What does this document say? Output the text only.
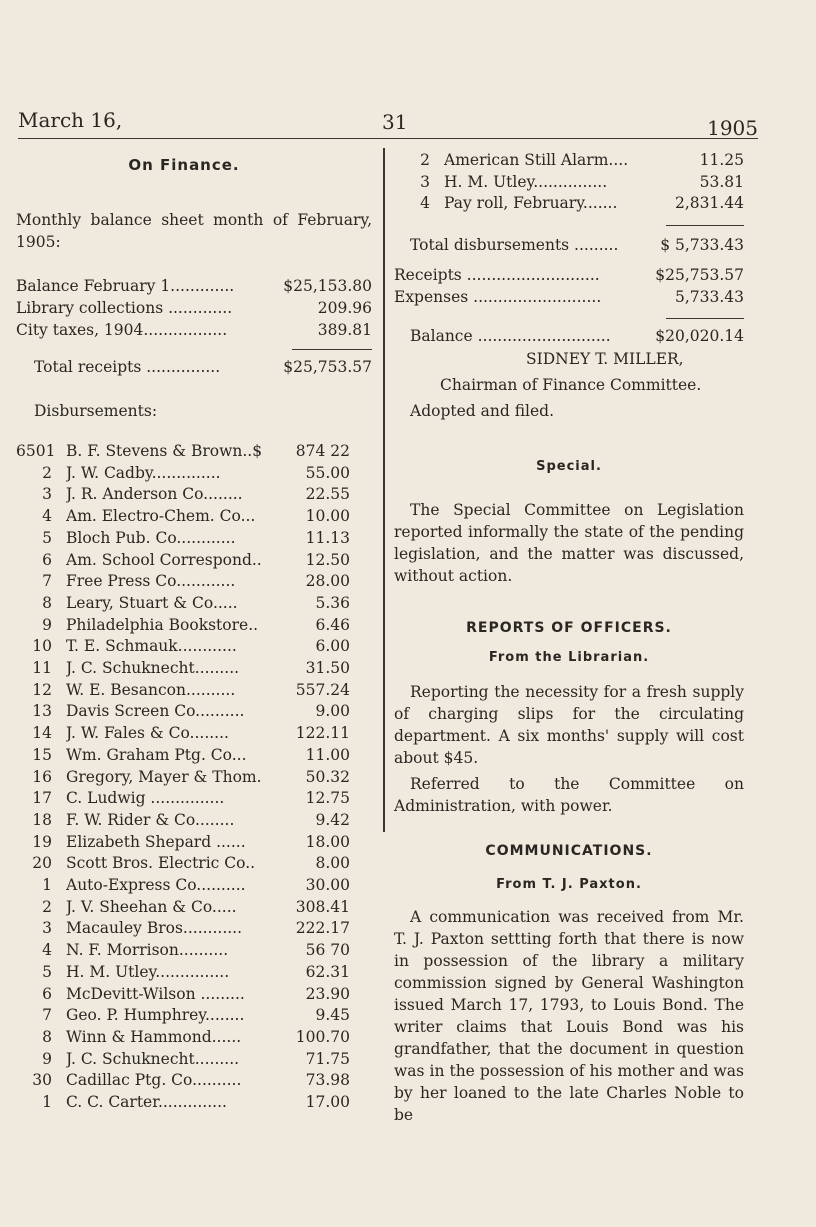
March 16,	31	1905
On Finance.
Monthly balance sheet month of February, 1905:
Balance February 1.............	$25,153.80
Library collections .............	209.96
City taxes, 1904.................	389.81
Total receipts ...............	$25,753.57
Disbursements:
6501 B. F. Stevens & Brown..$	874 22
2 J. W. Cadby..............	55.00
3 J. R. Anderson Co........	22.55
4 Am. Electro-Chem. Co...	10.00
5 Bloch Pub. Co............	11.13
6 Am. School Correspond..	12.50
7 Free Press Co............	28.00
8 Leary, Stuart & Co.....	5.36
9 Philadelphia Bookstore..	6.46
10 T. E. Schmauk............	6.00
11 J. C. Schuknecht.........	31.50
12 W. E. Besancon..........	557.24
13 Davis Screen Co..........	9.00
14 J. W. Fales & Co........	122.11
15 Wm. Graham Ptg. Co...	11.00
16 Gregory, Mayer & Thom.	50.32
17 C. Ludwig ...............	12.75
18 F. W. Rider & Co........	9.42
19 Elizabeth Shepard ......	18.00
20 Scott Bros. Electric Co..	8.00
1 Auto-Express Co..........	30.00
2 J. V. Sheehan & Co.....	308.41
3 Macauley Bros............	222.17
4 N. F. Morrison..........	56 70
5 H. M. Utley...............	62.31
6 McDevitt-Wilson .........	23.90
7 Geo. P. Humphrey........	9.45
8 Winn & Hammond......	100.70
9 J. C. Schuknecht.........	71.75
30 Cadillac Ptg. Co..........	73.98
1 C. C. Carter..............	17.00
2 American Still Alarm....	11.25
3 H. M. Utley...............	53.81
4 Pay roll, February.......	2,831.44
Total disbursements .........	$ 5,733.43
Receipts ...........................	$25,753.57
Expenses ..........................	5,733.43
Balance ...........................	$20,020.14
SIDNEY T. MILLER,
Chairman of Finance Committee.
Adopted and filed.
Special.
The Special Committee on Legislation reported informally the state of the pending legislation, and the matter was discussed, without action.
REPORTS OF OFFICERS.
From the Librarian.
Reporting the necessity for a fresh supply of charging slips for the circulating department. A six months' supply will cost about $45.
Referred to the Committee on Administration, with power.
COMMUNICATIONS.
From T. J. Paxton.
A communication was received from Mr. T. J. Paxton settting forth that there is now in possession of the library a military commission signed by General Washington issued March 17, 1793, to Louis Bond. The writer claims that Louis Bond was his grandfather, that the document in question was in the possession of his mother and was by her loaned to the late Charles Noble to be
